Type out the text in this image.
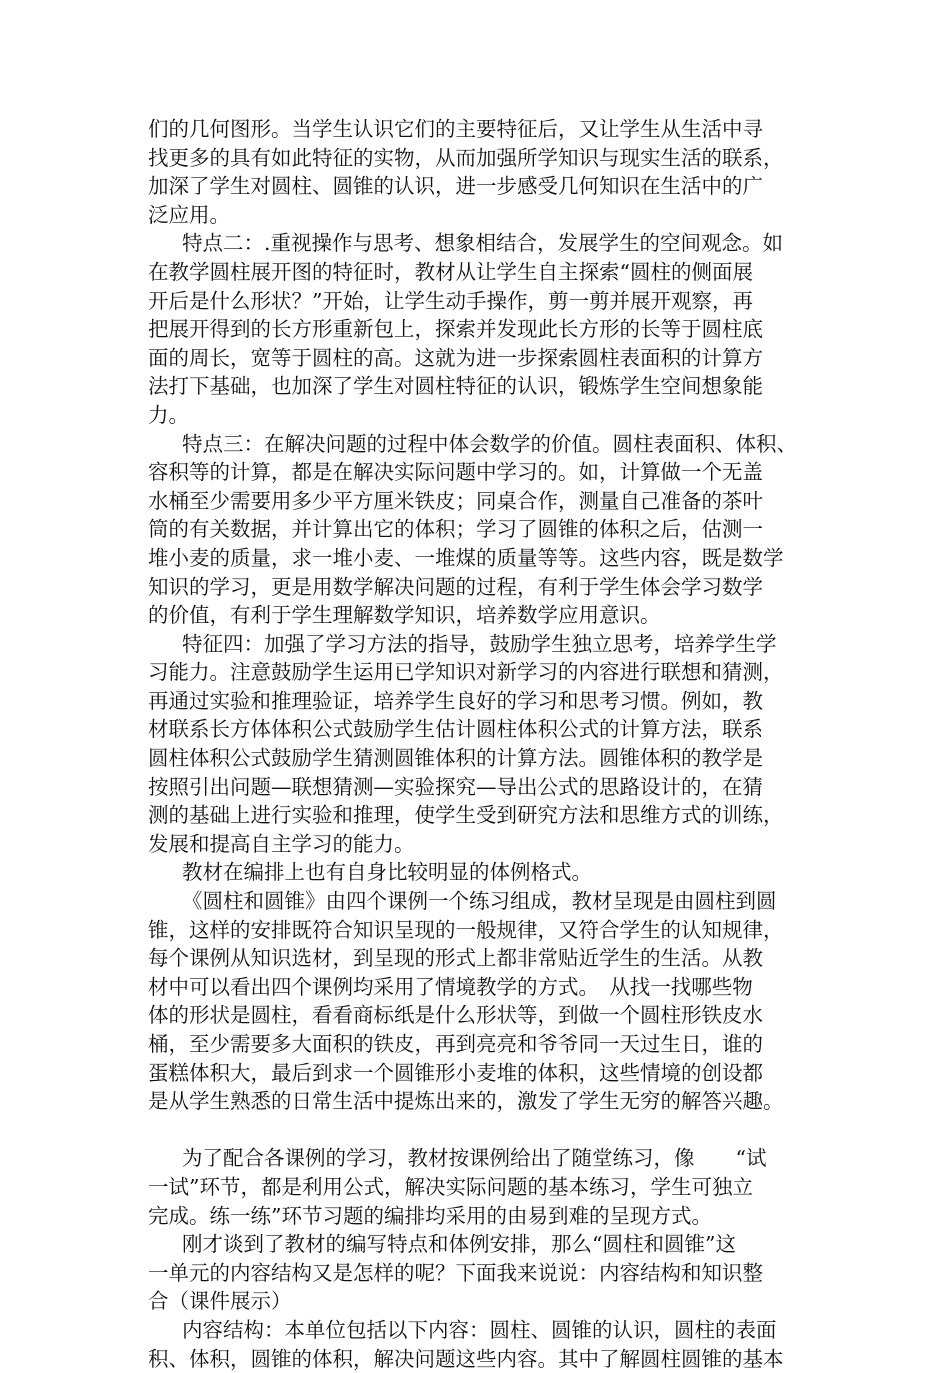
们的几何图形。当学生认识它们的主要特征后，又让学生从生活中寻
找更多的具有如此特征的实物，从而加强所学知识与现实生活的联系，
加深了学生对圆柱、圆锥的认识，进一步感受几何知识在生活中的广
泛应用。
特点二：.重视操作与思考、想象相结合，发展学生的空间观念。如
在教学圆柱展开图的特征时，教材从让学生自主探索“圆柱的侧面展
开后是什么形状？”开始，让学生动手操作，剪一剪并展开观察，再
把展开得到的长方形重新包上，探索并发现此长方形的长等于圆柱底
面的周长，宽等于圆柱的高。这就为进一步探索圆柱表面积的计算方
法打下基础，也加深了学生对圆柱特征的认识，锻炼学生空间想象能
力。
特点三：在解决问题的过程中体会数学的价值。圆柱表面积、体积、
容积等的计算，都是在解决实际问题中学习的。如，计算做一个无盖
水桶至少需要用多少平方厘米铁皮；同桌合作，测量自己准备的茶叶
筒的有关数据，并计算出它的体积；学习了圆锥的体积之后，估测一
堆小麦的质量，求一堆小麦、一堆煤的质量等等。这些内容，既是数学
知识的学习，更是用数学解决问题的过程，有利于学生体会学习数学
的价值，有利于学生理解数学知识，培养数学应用意识。
特征四：加强了学习方法的指导，鼓励学生独立思考，培养学生学
习能力。注意鼓励学生运用已学知识对新学习的内容进行联想和猜测，
再通过实验和推理验证，培养学生良好的学习和思考习惯。例如，教
材联系长方体体积公式鼓励学生估计圆柱体积公式的计算方法，联系
圆柱体积公式鼓励学生猜测圆锥体积的计算方法。圆锥体积的教学是
按照引出问题—联想猜测—实验探究—导出公式的思路设计的，在猜
测的基础上进行实验和推理，使学生受到研究方法和思维方式的训练，
发展和提高自主学习的能力。
教材在编排上也有自身比较明显的体例格式。
《圆柱和圆锥》由四个课例一个练习组成，教材呈现是由圆柱到圆
锥，这样的安排既符合知识呈现的一般规律，又符合学生的认知规律，
每个课例从知识选材，到呈现的形式上都非常贴近学生的生活。从教
材中可以看出四个课例均采用了情境教学的方式。　从找一找哪些物
体的形状是圆柱，看看商标纸是什么形状等，到做一个圆柱形铁皮水
桶，至少需要多大面积的铁皮，再到亮亮和爷爷同一天过生日，谁的
蛋糕体积大，最后到求一个圆锥形小麦堆的体积，这些情境的创设都
是从学生熟悉的日常生活中提炼出来的，激发了学生无穷的解答兴趣。
为了配合各课例的学习，教材按课例给出了随堂练习，像　　“试
一试”环节，都是利用公式，解决实际问题的基本练习，学生可独立
完成。练一练”环节习题的编排均采用的由易到难的呈现方式。
刚才谈到了教材的编写特点和体例安排，那么“圆柱和圆锥”这
一单元的内容结构又是怎样的呢？下面我来说说：内容结构和知识整
合（课件展示）
内容结构：本单位包括以下内容：圆柱、圆锥的认识，圆柱的表面
积、体积，圆锥的体积，解决问题这些内容。其中了解圆柱圆锥的基本
